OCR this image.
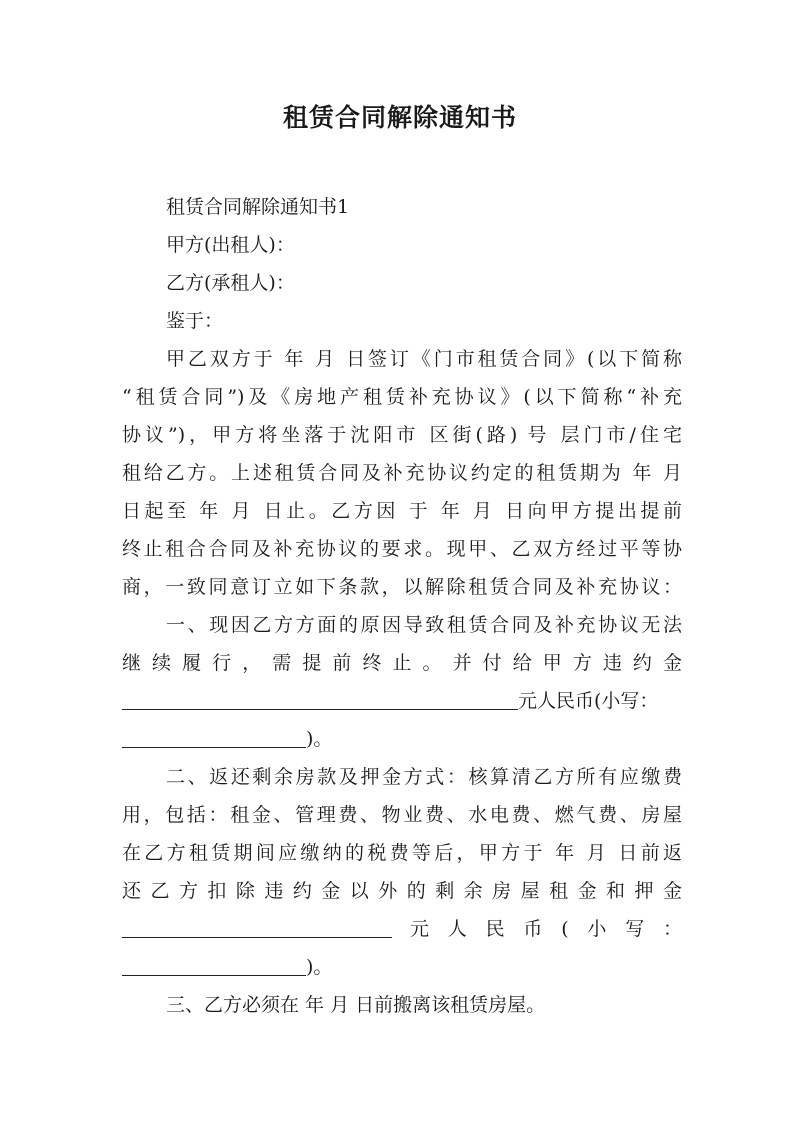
租赁合同解除通知书
租赁合同解除通知书1
甲方(出租人)：
乙方(承租人)：
鉴于：
甲乙双方于 年 月 日签订《门市租赁合同》(以下简称
“租赁合同”)及《房地产租赁补充协议》(以下简称“补充
协议”)，甲方将坐落于沈阳市 区街(路) 号 层门市/住宅
租给乙方。上述租赁合同及补充协议约定的租赁期为 年 月
日起至 年 月 日止。乙方因 于 年 月 日向甲方提出提前
终止租合合同及补充协议的要求。现甲、乙双方经过平等协
商，一致同意订立如下条款，以解除租赁合同及补充协议：
一、现因乙方方面的原因导致租赁合同及补充协议无法
继续履行，需提前终止。并付给甲方违约金
元人民币(小写：
)。
二、返还剩余房款及押金方式：核算清乙方所有应缴费
用，包括：租金、管理费、物业费、水电费、燃气费、房屋
在乙方租赁期间应缴纳的税费等后，甲方于 年 月 日前返
还乙方扣除违约金以外的剩余房屋租金和押金
元人民币(小写：
)。
三、乙方必须在 年 月 日前搬离该租赁房屋。
